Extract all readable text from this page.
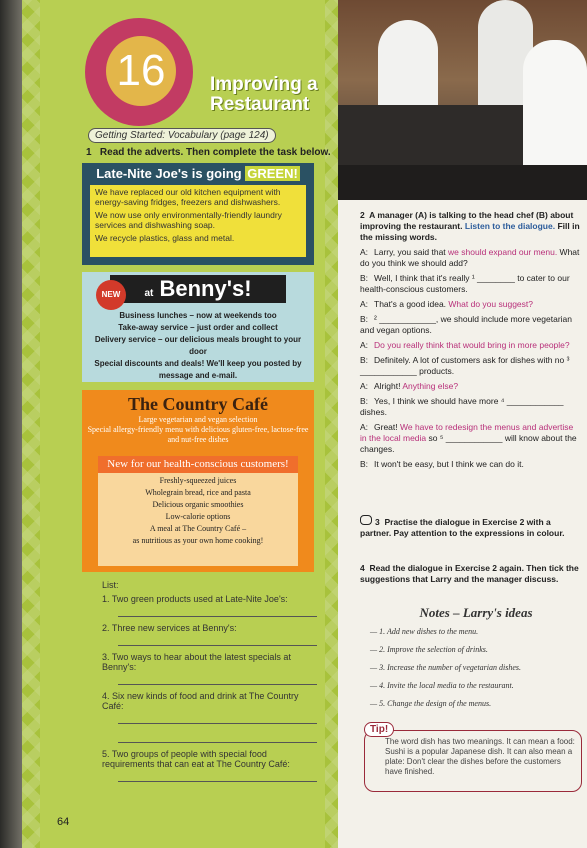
16	Improving a
Restaurant
Getting Started: Vocabulary (page 124)
1 Read the adverts. Then complete the task below.
Late-Nite Joe's is going GREEN!

We have replaced our old kitchen equipment with energy-saving fridges, freezers and dishwashers.

We now use only environmentally-friendly laundry services and dishwashing soap.

We recycle plastics, glass and metal.

at Benny's!
NEW
Business lunches – now at weekends too
Take-away service – just order and collect
Delivery service – our delicious meals brought to your door
Special discounts and deals! We'll keep you posted by message and e-mail.
The Country Café
Large vegetarian and vegan selection
Special allergy-friendly menu with delicious gluten-free, lactose-free and nut-free dishes
New for our health-conscious customers!
Freshly-squeezed juices
Wholegrain bread, rice and pasta
Delicious organic smoothies
Low-calorie options
A meal at The Country Café –
as nutritious as your own home cooking!
List:
1. Two green products used at Late-Nite Joe's:
2. Three new services at Benny's:
3. Two ways to hear about the latest specials at Benny's:
4. Six new kinds of food and drink at The Country Café:
5. Two groups of people with special food requirements that can eat at The Country Café:
64
2 A manager (A) is talking to the head chef (B) about improving the restaurant. Listen to the dialogue. Fill in the missing words.
A: Larry, you said that we should expand our menu. What do you think we should add?
B: Well, I think that it's really ¹ ________ to cater to our health-conscious customers.
A: That's a good idea. What do you suggest?
B: ² ____________, we should include more vegetarian and vegan options.
A: Do you really think that would bring in more people?
B: Definitely. A lot of customers ask for dishes with no ³ ____________ products.
A: Alright! Anything else?
B: Yes, I think we should have more ⁴ ____________ dishes.
A: Great! We have to redesign the menus and advertise in the local media so ⁵ ____________ will know about the changes.
B: It won't be easy, but I think we can do it.
3 Practise the dialogue in Exercise 2 with a partner. Pay attention to the expressions in colour.
4 Read the dialogue in Exercise 2 again. Then tick the suggestions that Larry and the manager discuss.
Notes – Larry's ideas
— 1. Add new dishes to the menu.
— 2. Improve the selection of drinks.
— 3. Increase the number of vegetarian dishes.
— 4. Invite the local media to the restaurant.
— 5. Change the design of the menus.
The word dish has two meanings. It can mean a food: Sushi is a popular Japanese dish. It can also mean a plate: Don't clear the dishes before the customers have finished.
Tip!
